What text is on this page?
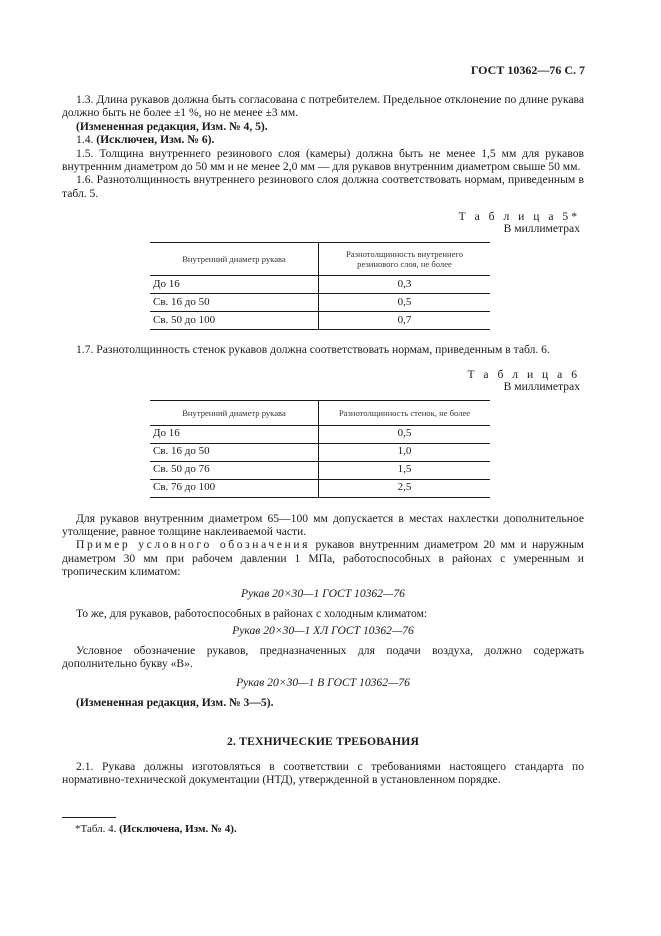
ГОСТ 10362—76 С. 7

1.3. Длина рукавов должна быть согласована с потребителем. Предельное отклонение по длине рукава должно быть не более ±1 %, но не менее ±3 мм.

(Измененная редакция, Изм. № 4, 5).

1.4. (Исключен, Изм. № 6).

1.5. Толщина внутреннего резинового слоя (камеры) должна быть не менее 1,5 мм для рукавов внутренним диаметром до 50 мм и не менее 2,0 мм — для рукавов внутренним диаметром свыше 50 мм.

1.6. Разнотолщинность внутреннего резинового слоя должна соответствовать нормам, приведенным в табл. 5.

Т а б л и ц а 5*
В миллиметрах
Внутренний диаметр рукава	Разнотолщинность внутреннего резинового слоя, не более
До 16	0,3
Св. 16 до 50	0,5
Св. 50 до 100	0,7

1.7. Разнотолщинность стенок рукавов должна соответствовать нормам, приведенным в табл. 6.

Т а б л и ц а 6
В миллиметрах
Внутренний диаметр рукава	Разнотолщинность стенок, не более
До 16	0,5
Св. 16 до 50	1,0
Св. 50 до 76	1,5
Св. 76 до 100	2,5

Для рукавов внутренним диаметром 65—100 мм допускается в местах нахлестки дополнительное утолщение, равное толщине наклеиваемой части.

Пример условного обозначения рукавов внутренним диаметром 20 мм и наружным диаметром 30 мм при рабочем давлении 1 МПа, работоспособных в районах с умеренным и тропическим климатом:

Рукав 20×30—1 ГОСТ 10362—76

То же, для рукавов, работоспособных в районах с холодным климатом:

Рукав 20×30—1 ХЛ ГОСТ 10362—76

Условное обозначение рукавов, предназначенных для подачи воздуха, должно содержать дополнительно букву «В».

Рукав 20×30—1 В ГОСТ 10362—76

(Измененная редакция, Изм. № 3—5).

2. ТЕХНИЧЕСКИЕ ТРЕБОВАНИЯ

2.1. Рукава должны изготовляться в соответствии с требованиями настоящего стандарта по нормативно-технической документации (НТД), утвержденной в установленном порядке.

*Табл. 4. (Исключена, Изм. № 4).
